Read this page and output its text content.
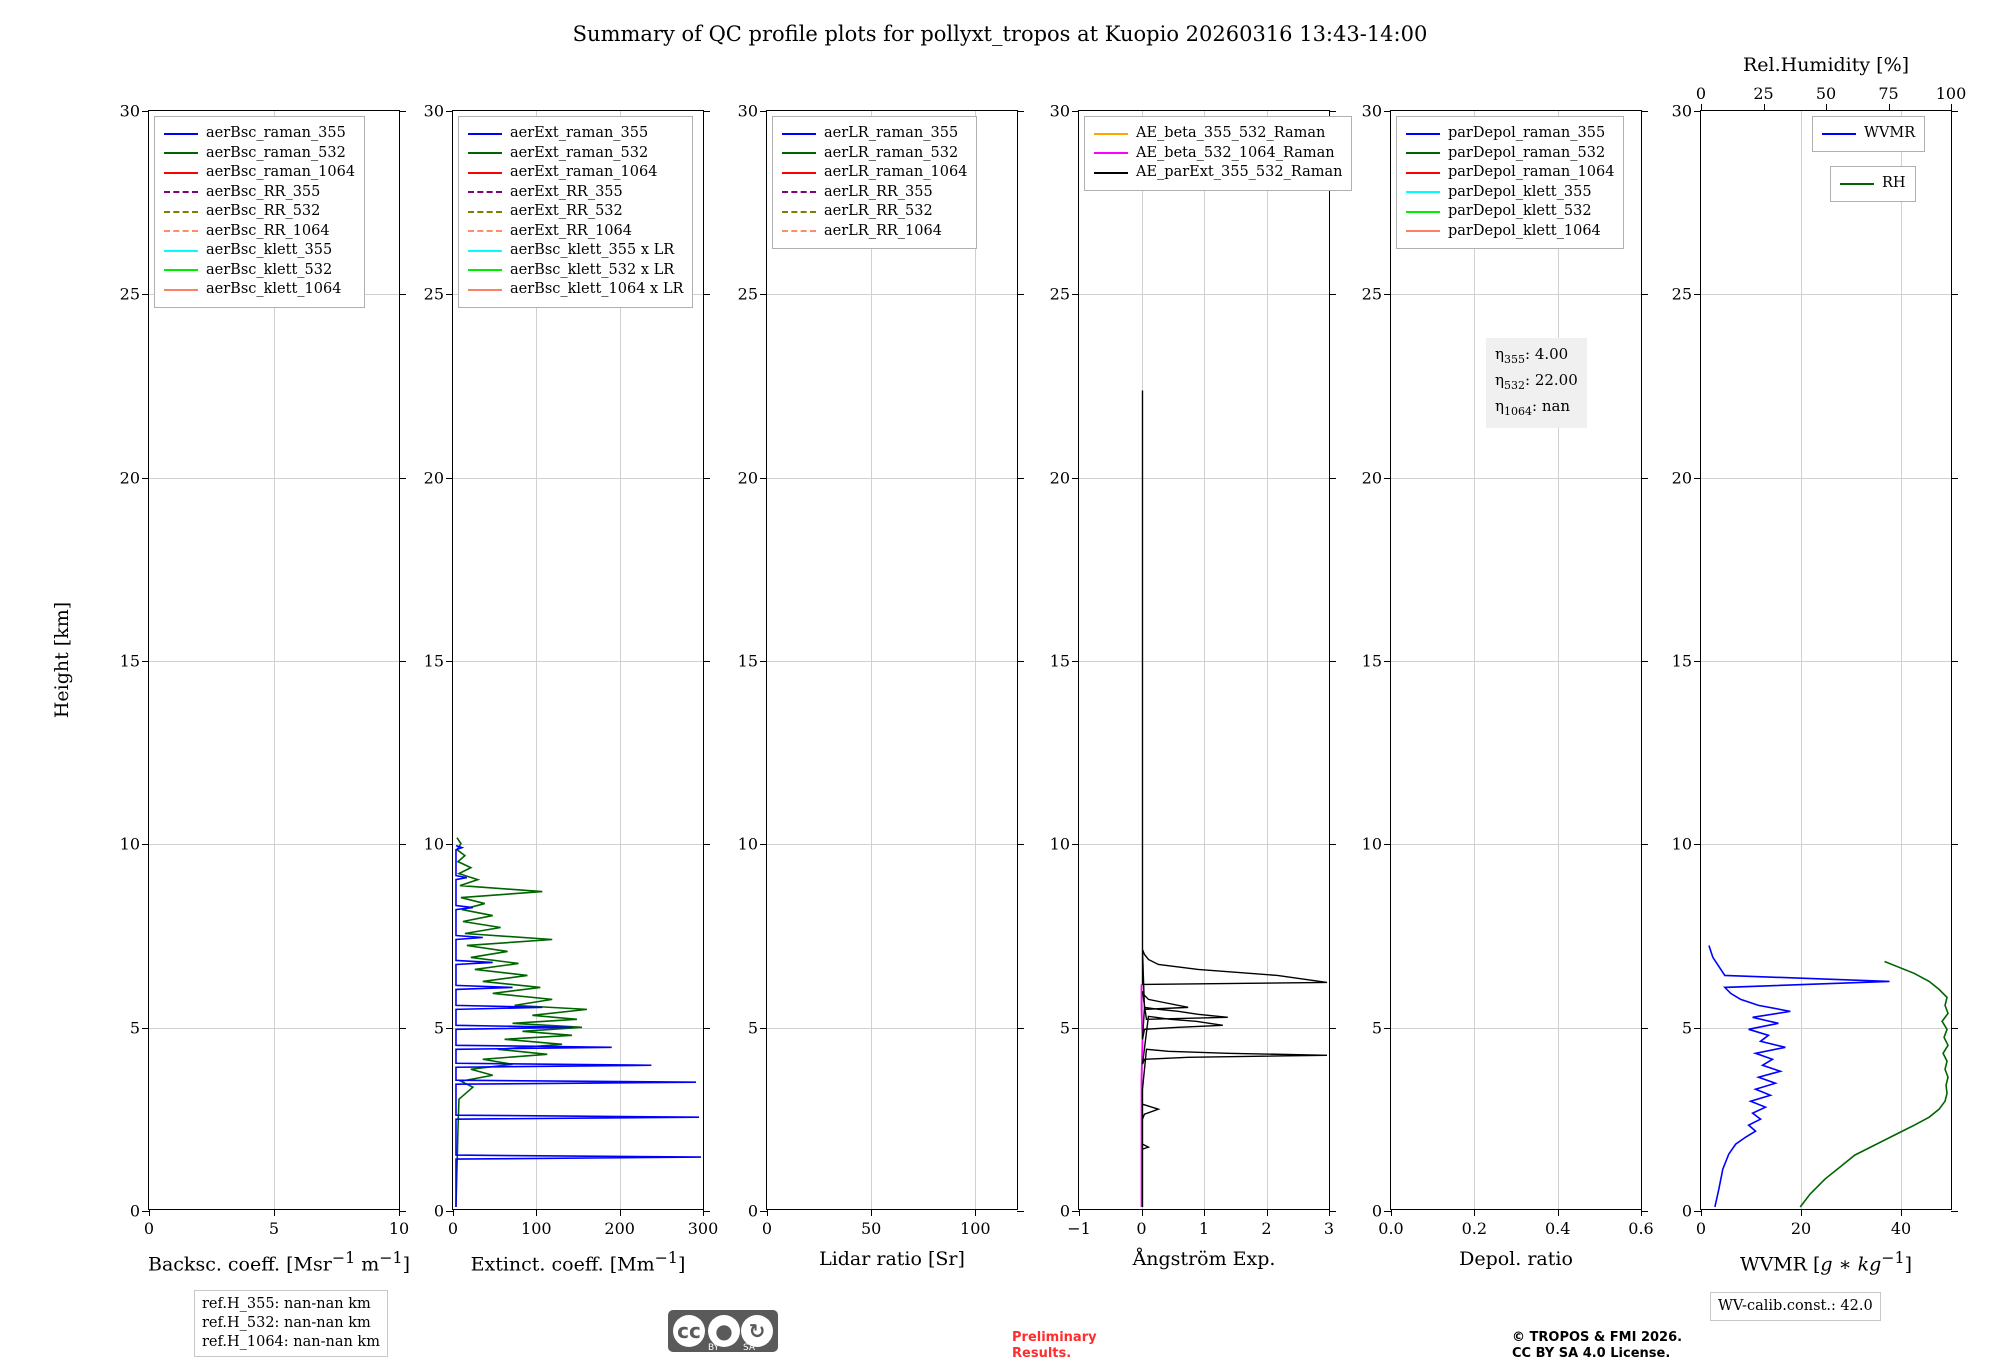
Summary of QC profile plots for pollyxt_tropos at Kuopio 20260316 13:43-14:00
Height [km]
0
5
10
15
20
25
30
0	5	10
aerBsc_raman_355
aerBsc_raman_532
aerBsc_raman_1064
aerBsc_RR_355
aerBsc_RR_532
aerBsc_RR_1064
aerBsc_klett_355
aerBsc_klett_532
aerBsc_klett_1064
Backsc. coeff. [Msr$^{-1}$ $m^{-1}$]
0
5
10
15
20
25
30
0	100	200	300
aerExt_raman_355
aerExt_raman_532
aerExt_raman_1064
aerExt_RR_355
aerExt_RR_532
aerExt_RR_1064
aerBsc_klett_355 x LR
aerBsc_klett_532 x LR
aerBsc_klett_1064 x LR
Extinct. coeff. $[Mm^{-1}]$
0
5
10
15
20
25
30
0	50	100
aerLR_raman_355
aerLR_raman_532
aerLR_raman_1064
aerLR_RR_355
aerLR_RR_532
aerLR_RR_1064
Lidar ratio [Sr]
0
5
10
15
20
25
30
−1	0	1	2	3
AE_beta_355_532_Raman
AE_beta_532_1064_Raman
AE_parExt_355_532_Raman
Ångström Exp.
0
5
10
15
20
25
30
0.0	0.2	0.4	0.6
parDepol_raman_355
parDepol_raman_532
parDepol_raman_1064
parDepol_klett_355
parDepol_klett_532
parDepol_klett_1064
$\eta_{355}$: 4.00
$\eta_{532}$: 22.00
$\eta_{1064}$: nan
Depol. ratio
0
5
10
15
20
25
30
0	20	40
0	25	50	75 100
WVMR
RH
Rel.Humidity [%]
WVMR [g ∗ $kg^{-1}$]
ref.H_355: nan-nan km
ref.H_532: nan-nan km
ref.H_1064: nan-nan km
WV-calib.const.: 42.0
cc ● ↻
BY	SA
Preliminary
Results.
© TROPOS & FMI 2026.
CC BY SA 4.0 License.
